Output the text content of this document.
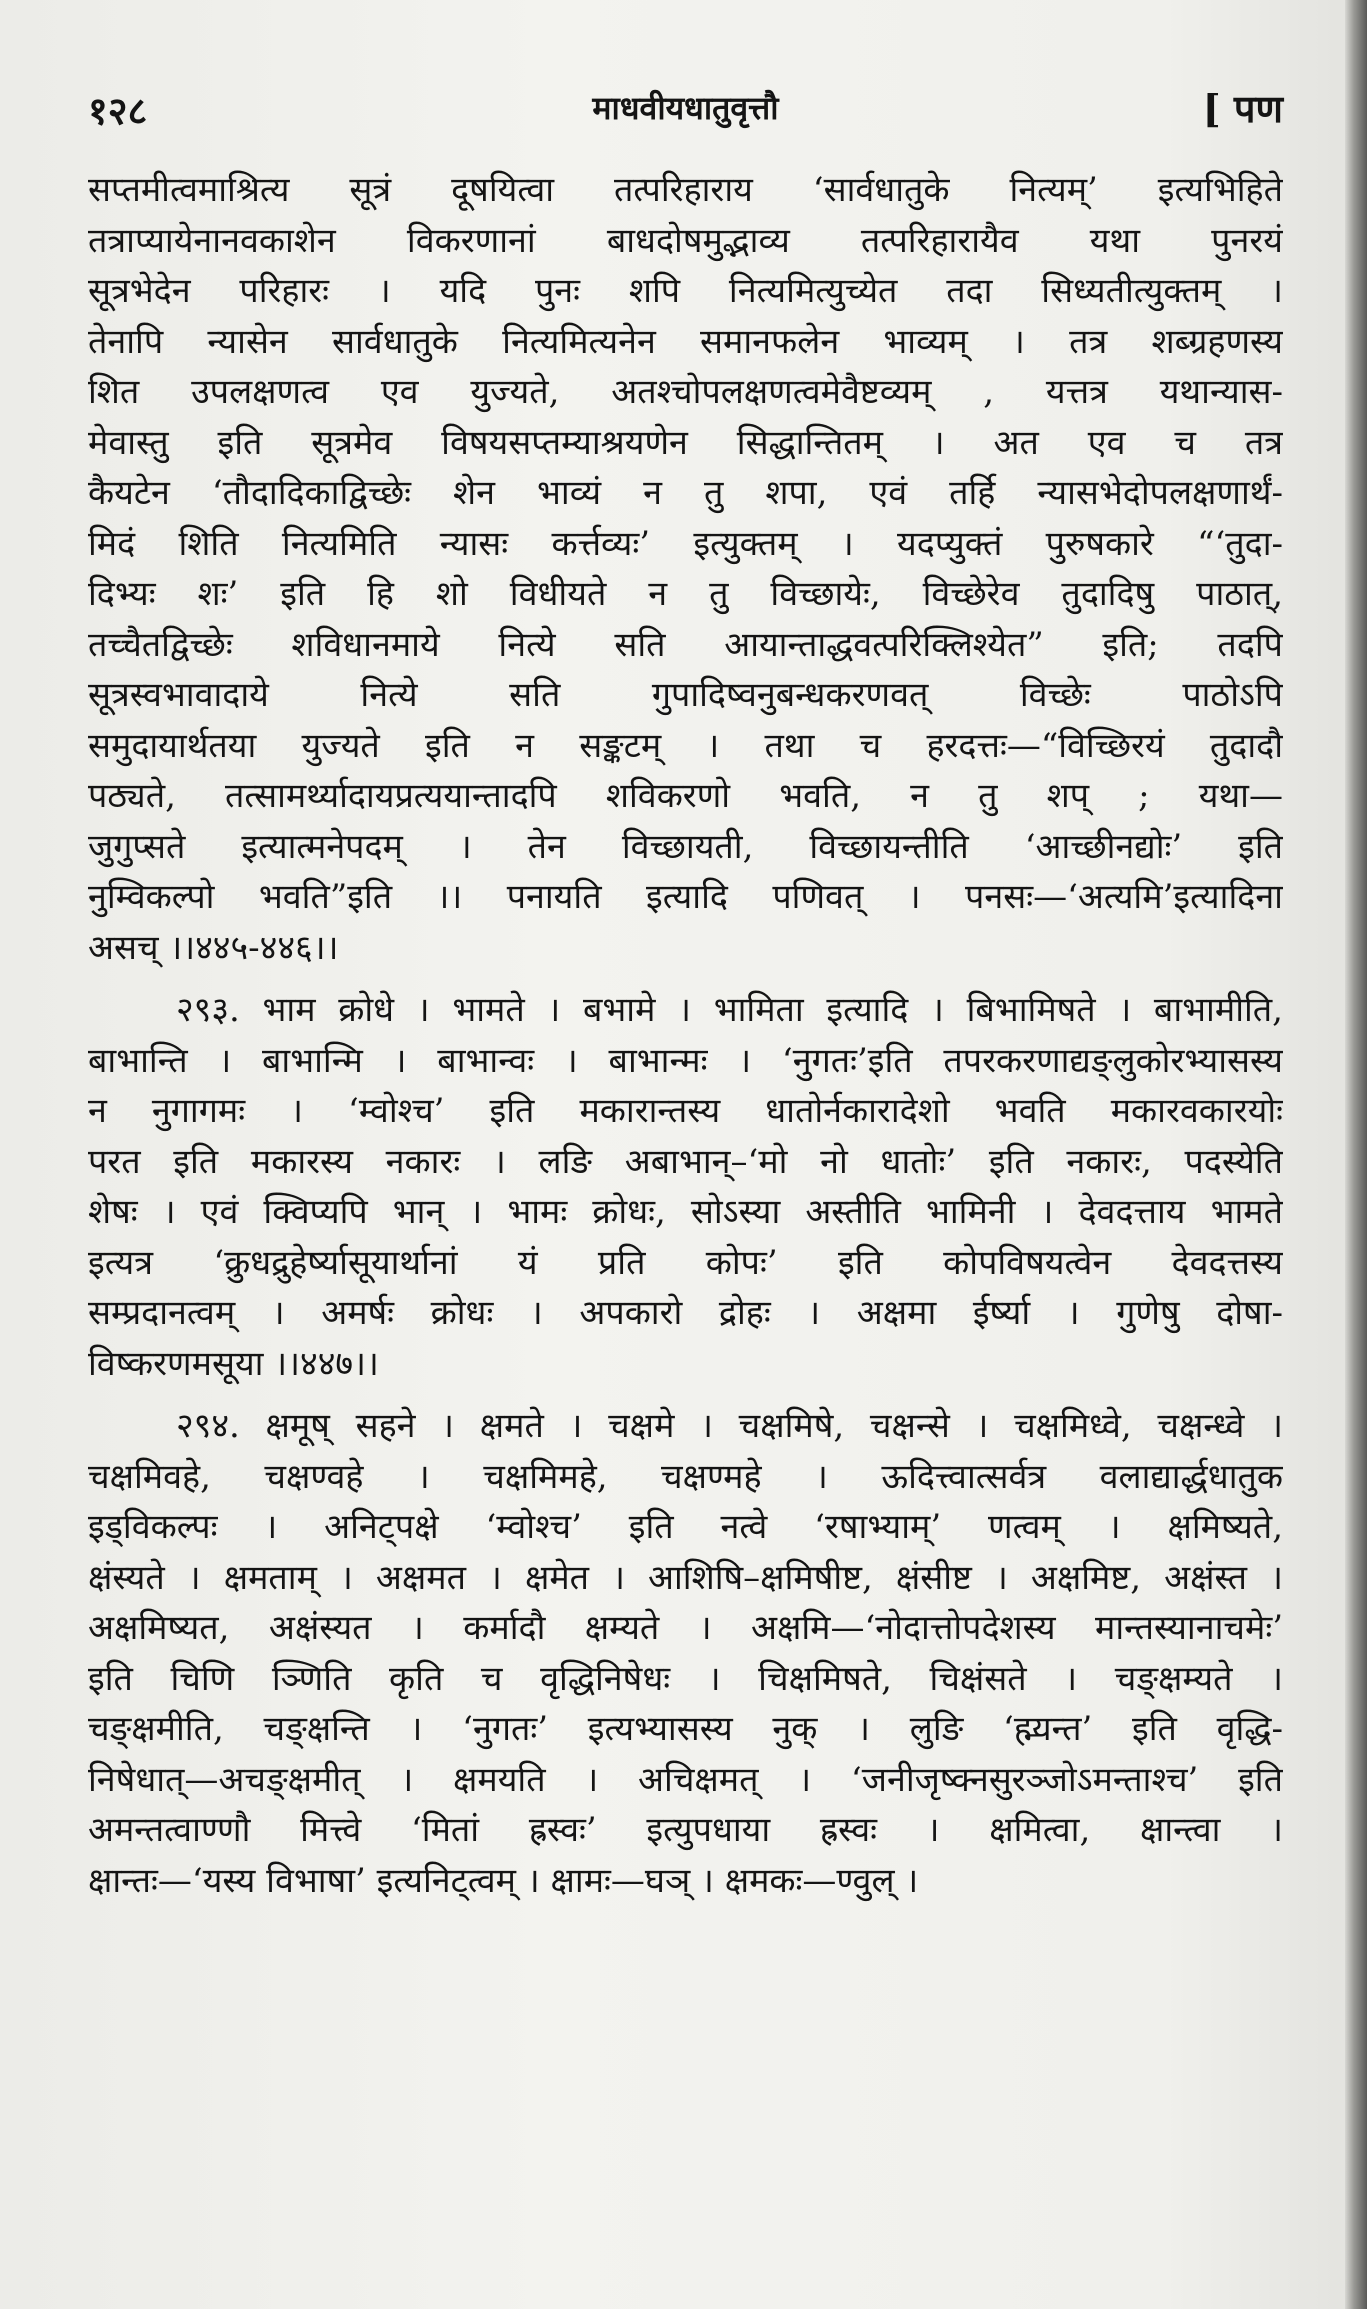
१२८	माधवीयधातुवृत्तौ	[ पण
सप्तमीत्वमाश्रित्य सूत्रं दूषयित्वा तत्परिहाराय ‘सार्वधातुके नित्यम्’ इत्यभिहिते
तत्राप्यायेनानवकाशेन विकरणानां बाधदोषमुद्भाव्य तत्परिहारायैव यथा पुनरयं
सूत्रभेदेन परिहारः । यदि पुनः शपि नित्यमित्युच्येत तदा सिध्यतीत्युक्तम् ।
तेनापि न्यासेन सार्वधातुके नित्यमित्यनेन समानफलेन भाव्यम् । तत्र शब्ग्रहणस्य
शित उपलक्षणत्व एव युज्यते, अतश्चोपलक्षणत्वमेवैष्टव्यम् , यत्तत्र यथान्यास-
मेवास्तु इति सूत्रमेव विषयसप्तम्याश्रयणेन सिद्धान्तितम् । अत एव च तत्र
कैयटेन ‘तौदादिकाद्विच्छेः शेन भाव्यं न तु शपा, एवं तर्हि न्यासभेदोपलक्षणार्थं-
मिदं शिति नित्यमिति न्यासः कर्त्तव्यः’ इत्युक्तम् । यदप्युक्तं पुरुषकारे “‘तुदा-
दिभ्यः शः’ इति हि शो विधीयते न तु विच्छायेः, विच्छेरेव तुदादिषु पाठात्,
तच्चैतद्विच्छेः शविधानमाये नित्ये सति आयान्ताद्धवत्परिक्लिश्येत” इति; तदपि
सूत्रस्वभावादाये नित्ये सति गुपादिष्वनुबन्धकरणवत् विच्छेः पाठोऽपि
समुदायार्थतया युज्यते इति न सङ्कटम् । तथा च हरदत्तः—“विच्छिरयं तुदादौ
पठ्यते, तत्सामर्थ्यादायप्रत्ययान्तादपि शविकरणो भवति, न तु शप् ; यथा—
जुगुप्सते इत्यात्मनेपदम् । तेन विच्छायती, विच्छायन्तीति ‘आच्छीनद्योः’ इति
नुम्विकल्पो भवति”इति ।। पनायति इत्यादि पणिवत् । पनसः—‘अत्यमि’इत्यादिना
असच् ।।४४५-४४६।।
२९३. भाम क्रोधे । भामते । बभामे । भामिता इत्यादि । बिभामिषते । बाभामीति,
बाभान्ति । बाभान्मि । बाभान्वः । बाभान्मः । ‘नुगतः’इति तपरकरणाद्यङ्लुकोरभ्यासस्य
न नुगागमः । ‘म्वोश्च’ इति मकारान्तस्य धातोर्नकारादेशो भवति मकारवकारयोः
परत इति मकारस्य नकारः । लङि अबाभान्–‘मो नो धातोः’ इति नकारः, पदस्येति
शेषः । एवं क्विप्यपि भान् । भामः क्रोधः, सोऽस्या अस्तीति भामिनी । देवदत्ताय भामते
इत्यत्र ‘क्रुधद्रुहेर्ष्यासूयार्थानां यं प्रति कोपः’ इति कोपविषयत्वेन देवदत्तस्य
सम्प्रदानत्वम् । अमर्षः क्रोधः । अपकारो द्रोहः । अक्षमा ईर्ष्या । गुणेषु दोषा-
विष्करणमसूया ।।४४७।।
२९४. क्षमूष् सहने । क्षमते । चक्षमे । चक्षमिषे, चक्षन्से । चक्षमिध्वे, चक्षन्ध्वे ।
चक्षमिवहे, चक्षण्वहे । चक्षमिमहे, चक्षण्महे । ऊदित्त्वात्सर्वत्र वलाद्यार्द्धधातुक
इड्विकल्पः । अनिट्पक्षे ‘म्वोश्च’ इति नत्वे ‘रषाभ्याम्’ णत्वम् । क्षमिष्यते,
क्षंस्यते । क्षमताम् । अक्षमत । क्षमेत । आशिषि–क्षमिषीष्ट, क्षंसीष्ट । अक्षमिष्ट, अक्षंस्त ।
अक्षमिष्यत, अक्षंस्यत । कर्मादौ क्षम्यते । अक्षमि—‘नोदात्तोपदेशस्य मान्तस्यानाचमेः’
इति चिणि ञ्णिति कृति च वृद्धिनिषेधः । चिक्षमिषते, चिक्षंसते । चङ्क्षम्यते ।
चङ्क्षमीति, चङ्क्षन्ति । ‘नुगतः’ इत्यभ्यासस्य नुक् । लुङि ‘ह्म्यन्त’ इति वृद्धि-
निषेधात्—अचङ्क्षमीत् । क्षमयति । अचिक्षमत् । ‘जनीजृष्क्नसुरञ्जोऽमन्ताश्च’ इति
अमन्तत्वाण्णौ मित्त्वे ‘मितां ह्रस्वः’ इत्युपधाया ह्रस्वः । क्षमित्वा, क्षान्त्वा ।
क्षान्तः—‘यस्य विभाषा’ इत्यनिट्त्वम् । क्षामः—घञ् । क्षमकः—ण्वुल् ।
